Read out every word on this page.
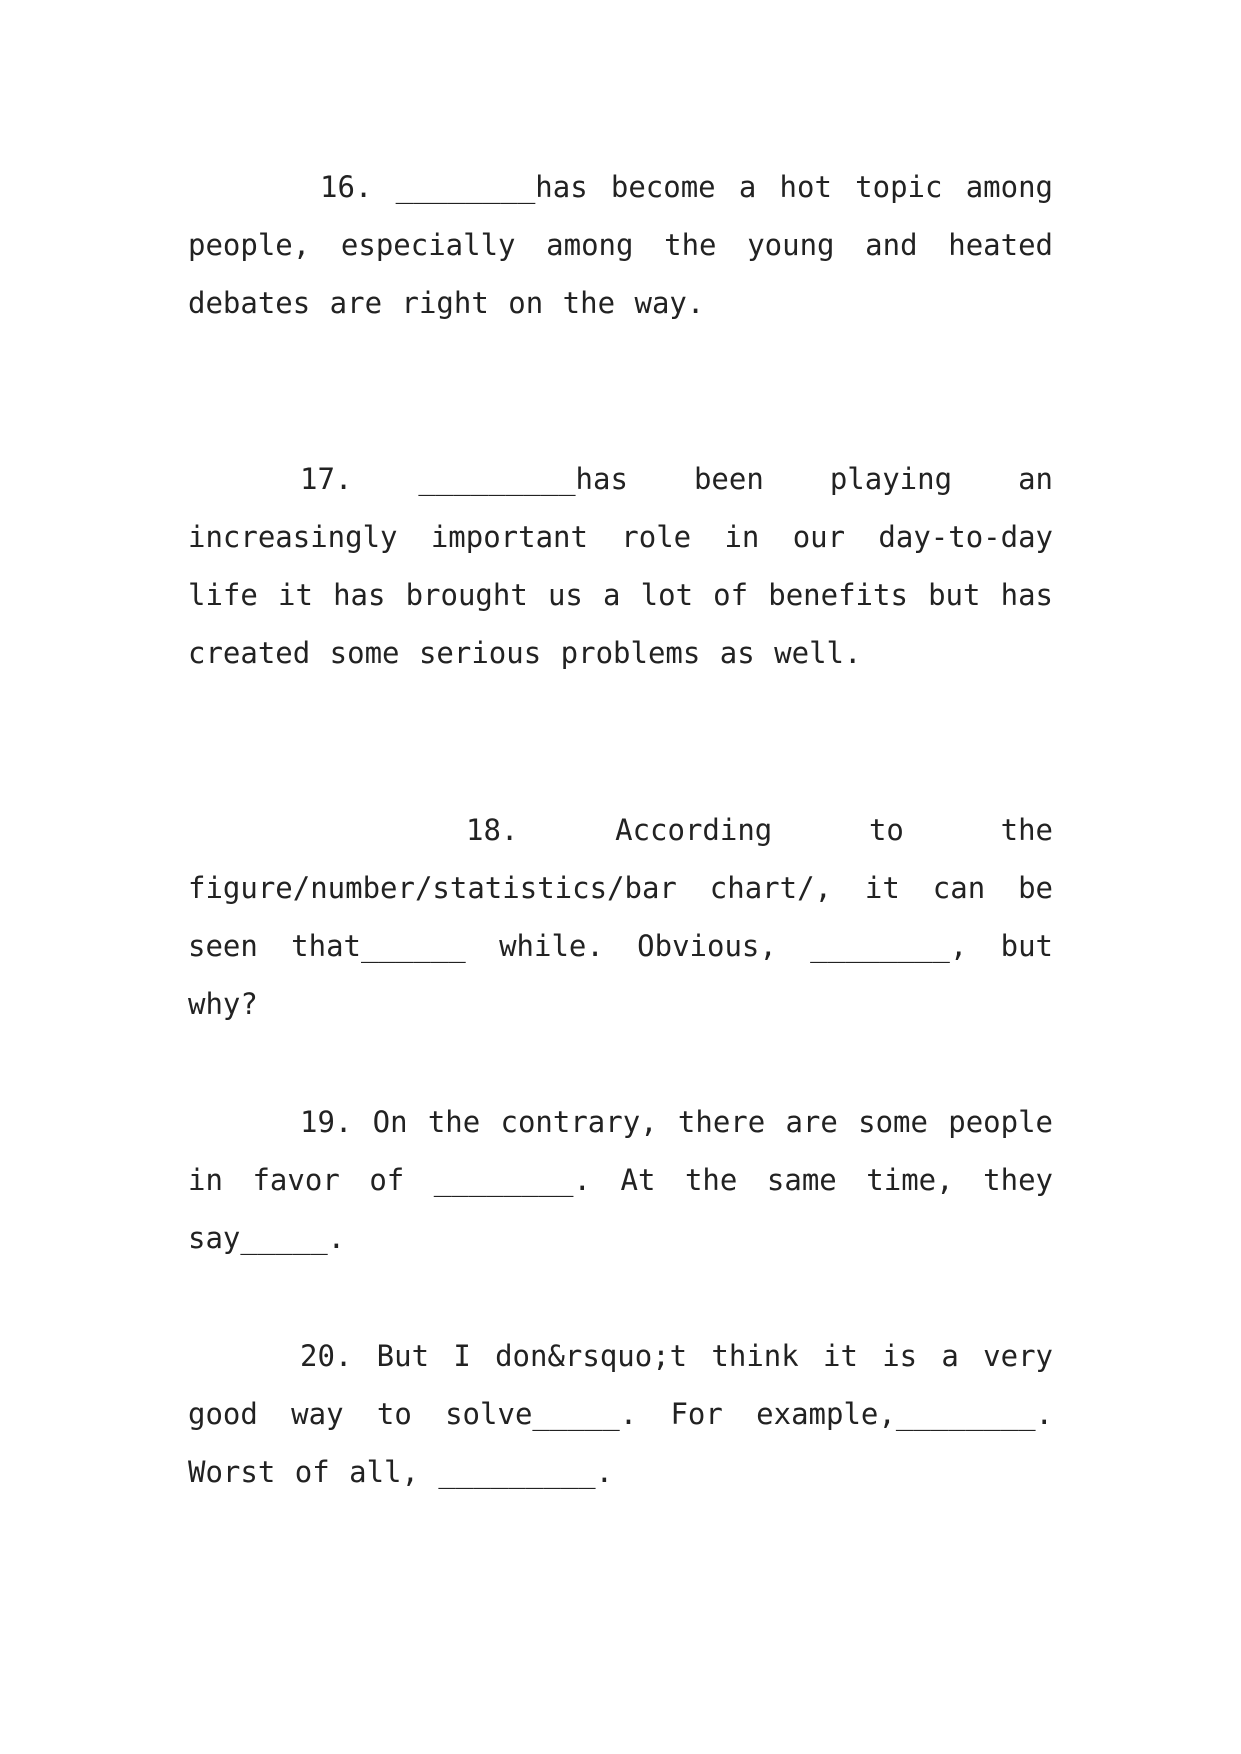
16. ________has become a hot topic among people, especially among the young and heated debates are right on the way.

17. _________has been playing an increasingly important role in our day-to-day life it has brought us a lot of benefits but has created some serious problems as well.

18. According to the
figure/number/statistics/bar chart/, it can be seen that______ while. Obvious, ________, but why?

19. On the contrary, there are some people in favor of ________. At the same time, they say_____.

20. But I don&rsquo;t think it is a very good way to solve_____. For example,________. Worst of all, _________.
